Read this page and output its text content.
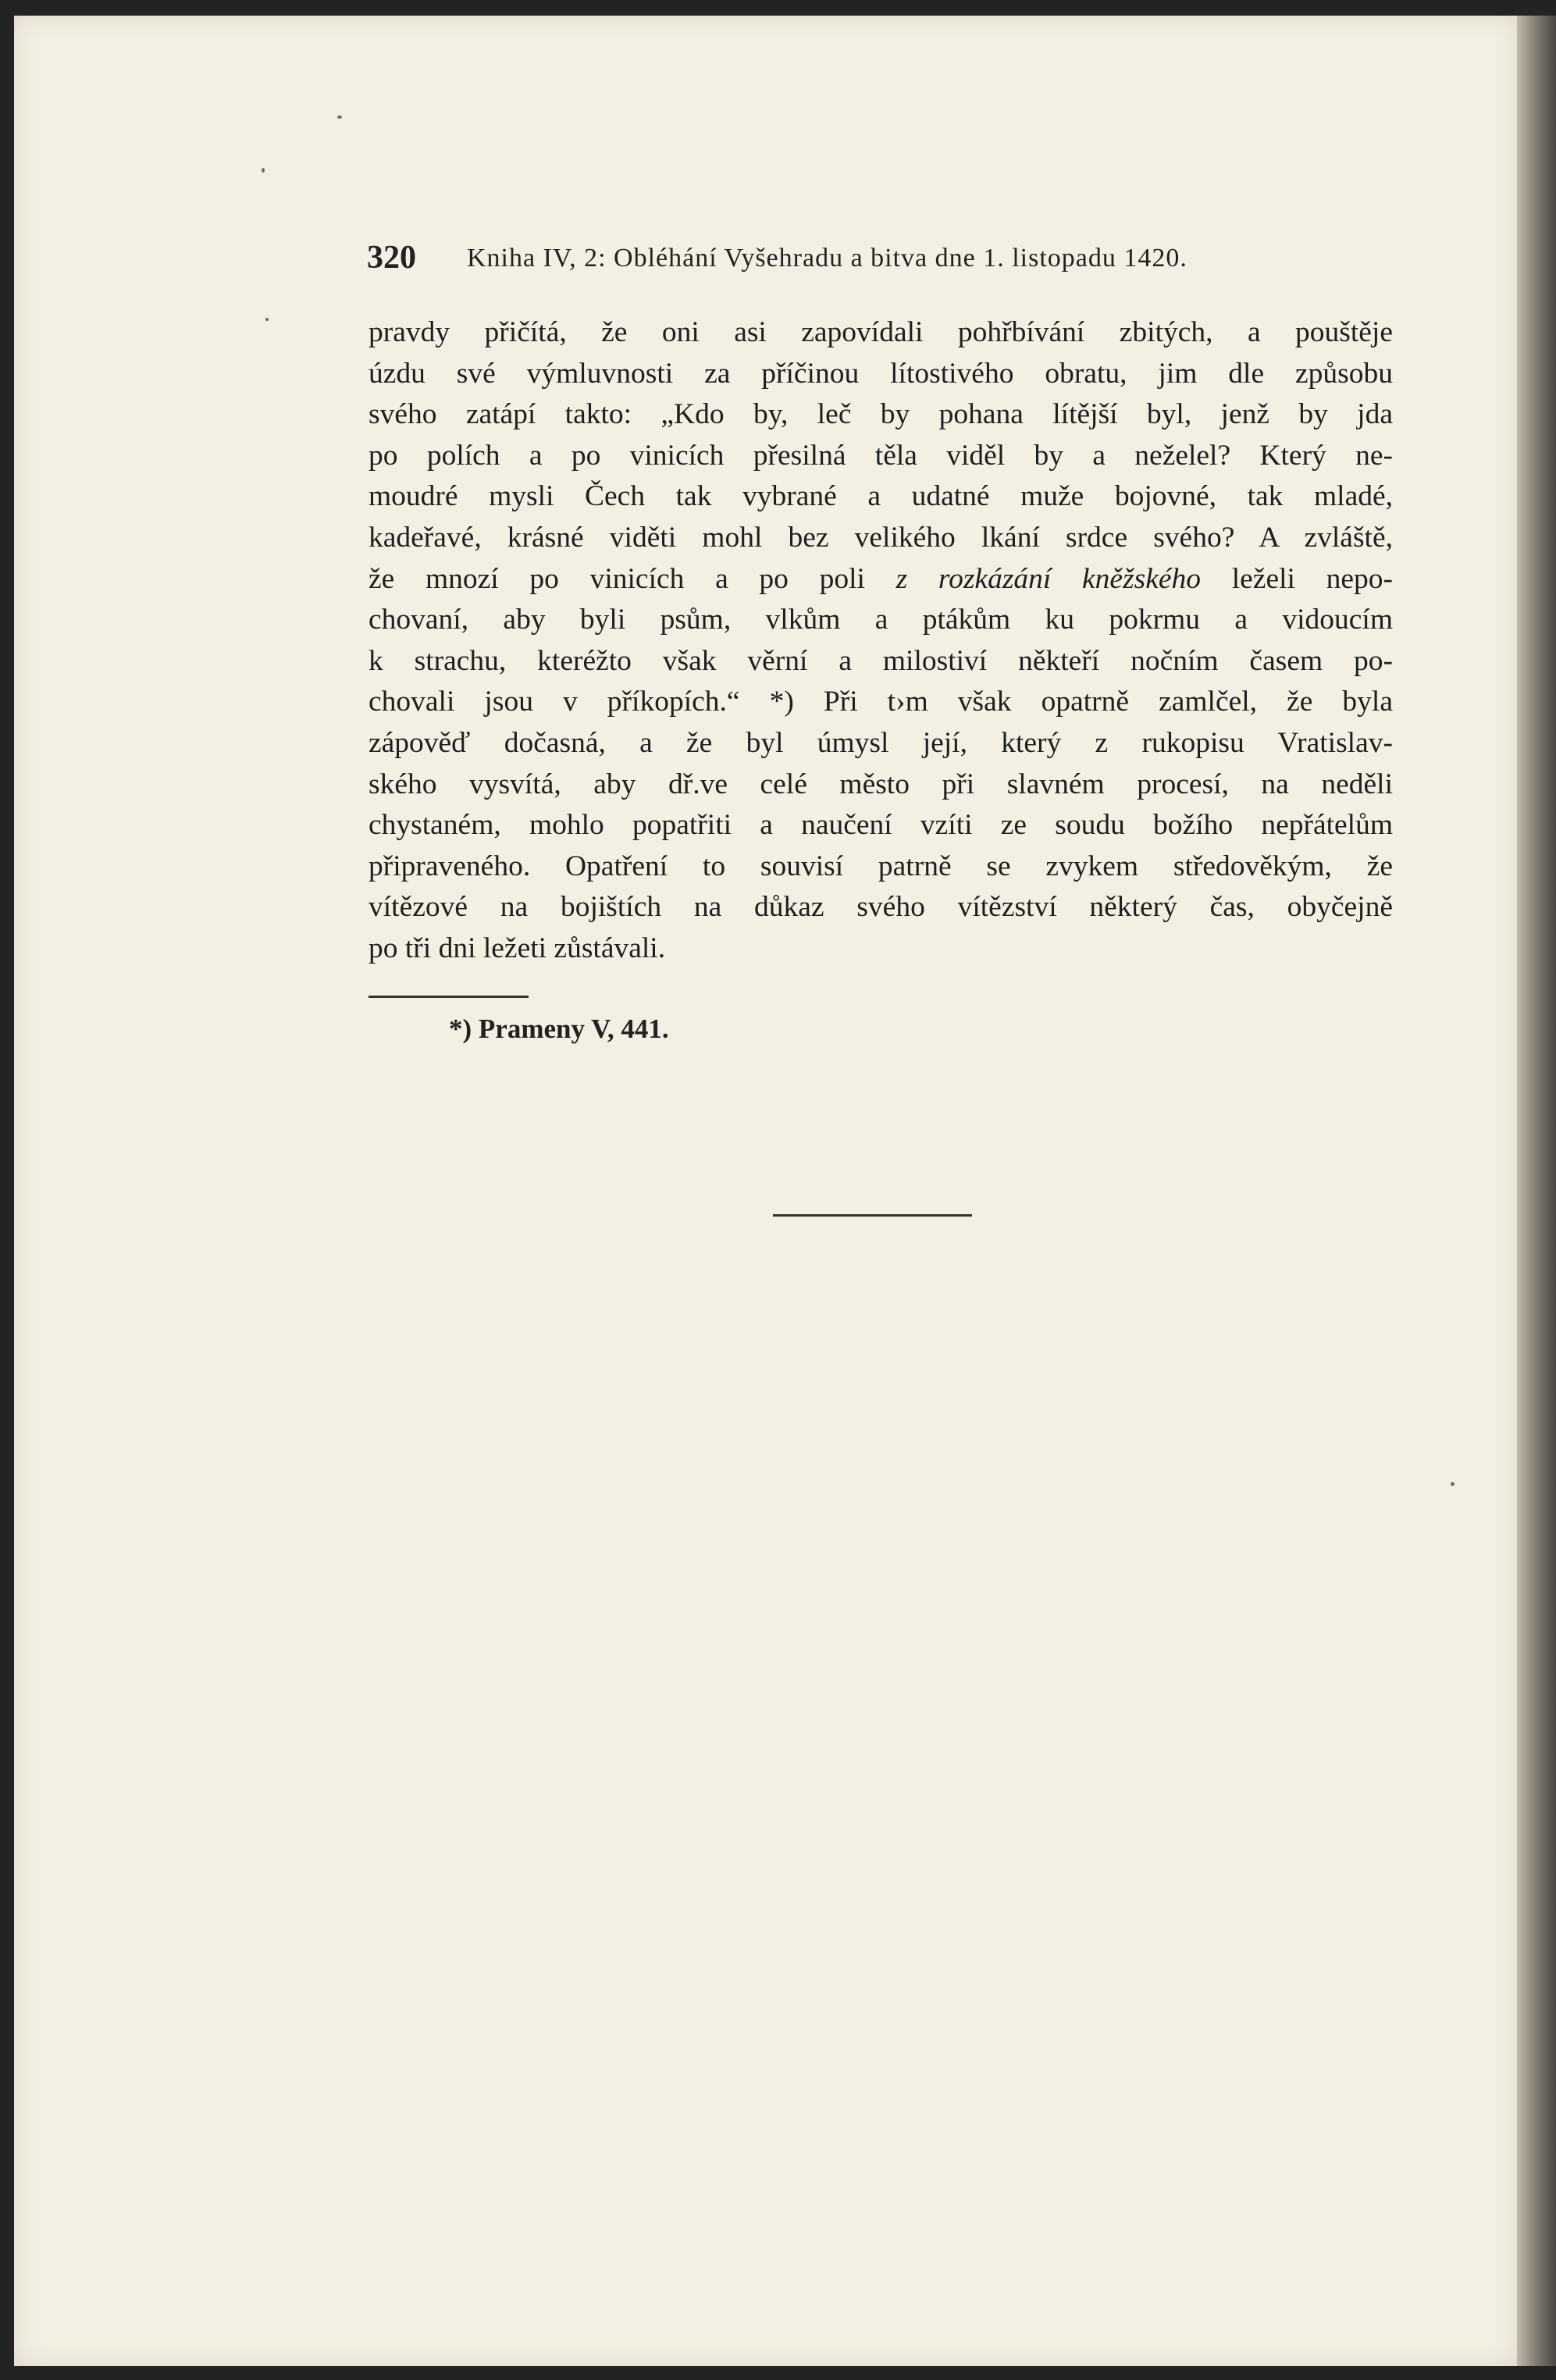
320 Kniha IV, 2: Obléhání Vyšehradu a bitva dne 1. listopadu 1420.
pravdy přičítá, že oni asi zapovídali pohřbívání zbitých, a pouštěje
úzdu své výmluvnosti za příčinou lítostivého obratu, jim dle způsobu
svého zatápí takto: „Kdo by, leč by pohana lítější byl, jenž by jda
po polích a po vinicích přesilná těla viděl by a neželel? Který ne-
moudré mysli Čech tak vybrané a udatné muže bojovné, tak mladé,
kadeřavé, krásné viděti mohl bez velikého lkání srdce svého? A zvláště,
že mnozí po vinicích a po poli z rozkázání kněžského leželi nepo-
chovaní, aby byli psům, vlkům a ptákům ku pokrmu a vidoucím
k strachu, kteréžto však věrní a milostiví někteří nočním časem po-
chovali jsou v příkopích.“ *) Při t›m však opatrně zamlčel, že byla
zápověď dočasná, a že byl úmysl její, který z rukopisu Vratislav-
ského vysvítá, aby dř.ve celé město při slavném procesí, na neděli
chystaném, mohlo popatřiti a naučení vzíti ze soudu božího nepřátelům
připraveného. Opatření to souvisí patrně se zvykem středověkým, že
vítězové na bojištích na důkaz svého vítězství některý čas, obyčejně
po tři dni ležeti zůstávali.
*) Prameny V, 441.
